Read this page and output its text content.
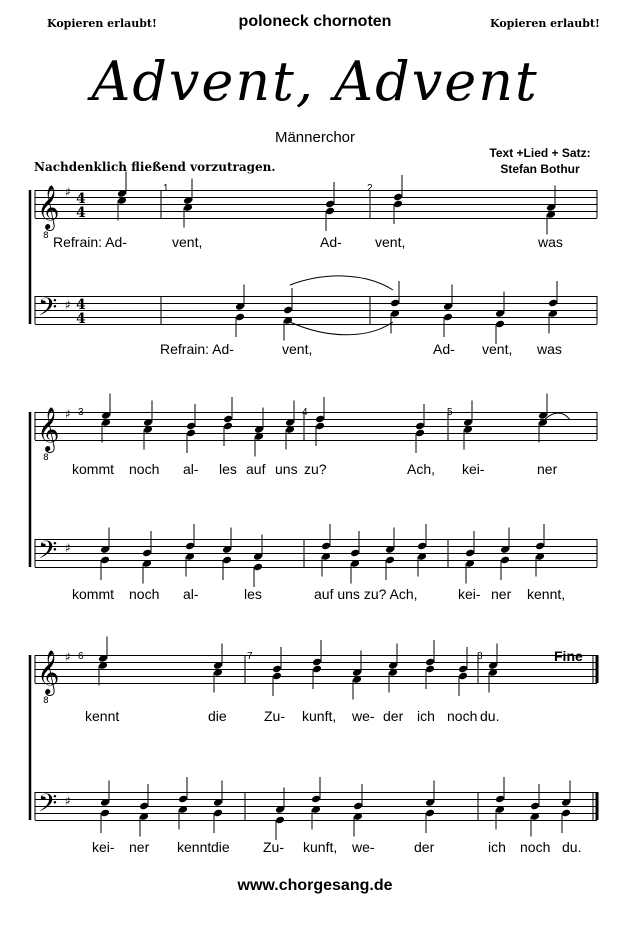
Kopieren erlaubt!	poloneck chornoten	Kopieren erlaubt!
Advent, Advent
Männerchor
Text +Lied + Satz:
Stefan Bothur
Nachdenklich fließend vorzutragen.
𝄞
8
♯ 4
4
𝄢 ♯ 4
4
𝄞
8
♯
𝄢 ♯
𝄞
8
♯
𝄢 ♯
1	2
3	4	5
6	7	8	Fine
Refrain: Ad-	vent,	Ad- vent,	was
Refrain: Ad-	vent,	Ad- vent, was
kommt noch al- les auf uns zu?	Ach, kei-	ner
kommt noch al-	les	auf uns zu? Ach,	kei- ner kennt,
kennt	die	Zu- kunft, we- der ich noch du.
kei- ner kennt die Zu- kunft, we-	der	ich noch du.
www.chorgesang.de
